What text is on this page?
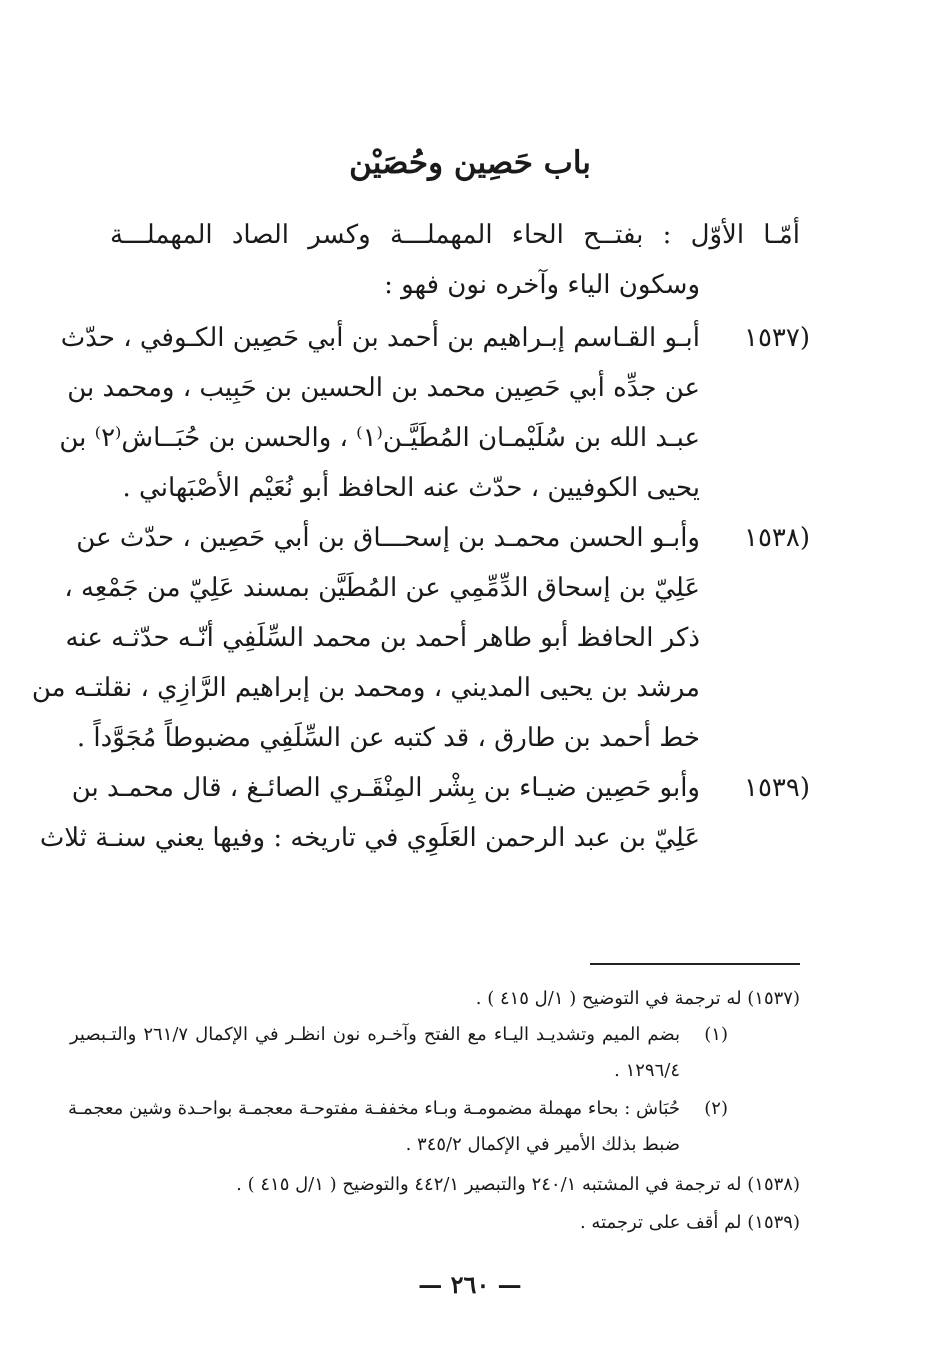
باب حَصِين وحُصَيْن
أمّـا الأوّل : بفتــح الحاء المهملـــة وكسر الصاد المهملـــة
وسكون الياء وآخره نون فهو :
(١٥٣٧
أبـو القـاسم إبـراهيم بن أحمد بن أبي حَصِين الكـوفي ، حدّث
عن جدِّه أبي حَصِين محمد بن الحسين بن حَبِيب ، ومحمد بن
عبـد الله بن سُلَيْمـان المُطَيَّـن⁽١⁾ ، والحسن بن حُبَــاش⁽٢⁾ بن
يحيى الكوفيين ، حدّث عنه الحافظ أبو نُعَيْم الأصْبَهاني .
(١٥٣٨
وأبـو الحسن محمـد بن إسحـــاق بن أبي حَصِين ، حدّث عن
عَلِيّ بن إسحاق الدِّمِّمِي عن المُطَيَّن بمسند عَلِيّ من جَمْعِه ،
ذكر الحافظ أبو طاهر أحمد بن محمد السِّلَفِي أنّـه حدّثـه عنه
مرشد بن يحيى المديني ، ومحمد بن إبراهيم الرَّازِي ، نقلتـه من
خط أحمد بن طارق ، قد كتبه عن السِّلَفِي مضبوطاً مُجَوَّداً .
(١٥٣٩
وأبو حَصِين ضيـاء بن بِشْر المِنْقَـري الصائـغ ، قال محمـد بن
عَلِيّ بن عبد الرحمن العَلَوِي في تاريخه : وفيها يعني سنـة ثلاث
(١٥٣٧) له ترجمة في التوضيح ( ١/ل ٤١٥ ) .
(١)
بضم الميم وتشديـد اليـاء مع الفتح وآخـره نون انظـر في الإكمال ٢٦١/٧ والتـبصير
١٢٩٦/٤ .
(٢)
حُبَاش : بحاء مهملة مضمومـة وبـاء مخففـة مفتوحـة معجمـة بواحـدة وشين معجمـة
ضبط بذلك الأمير في الإكمال ٣٤٥/٢ .
(١٥٣٨) له ترجمة في المشتبه ٢٤٠/١ والتبصير ٤٤٢/١ والتوضيح ( ١/ل ٤١٥ ) .
(١٥٣٩) لم أقف على ترجمته .
— ٢٦٠ —
